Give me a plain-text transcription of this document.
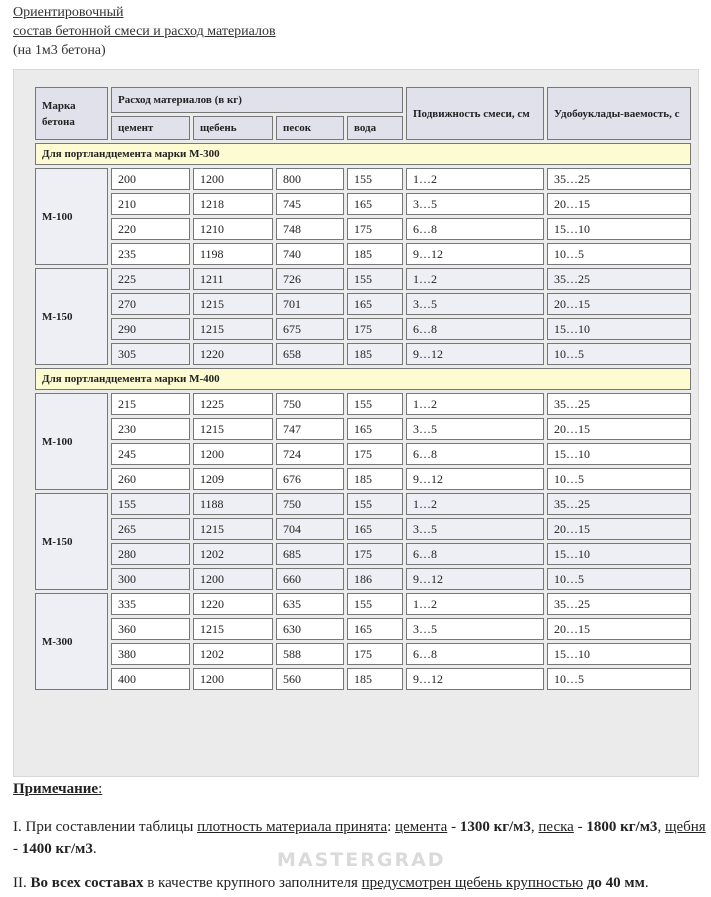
Ориентировочный
состав бетонной смеси и расход материалов
(на 1м3 бетона)
Марка бетона	Расход материалов (в кг)				Подвижность смеси, см	Удобоуклады-ваемость, с
	цемент	щебень	песок	вода		
Для портландцемента марки М-300						
М-100	200	1200	800	155	1…2	35…25
	210	1218	745	165	3…5	20…15
	220	1210	748	175	6…8	15…10
	235	1198	740	185	9…12	10…5
М-150	225	1211	726	155	1…2	35…25
	270	1215	701	165	3…5	20…15
	290	1215	675	175	6…8	15…10
	305	1220	658	185	9…12	10…5
Для портландцемента марки М-400						
М-100	215	1225	750	155	1…2	35…25
	230	1215	747	165	3…5	20…15
	245	1200	724	175	6…8	15…10
	260	1209	676	185	9…12	10…5
М-150	155	1188	750	155	1…2	35…25
	265	1215	704	165	3…5	20…15
	280	1202	685	175	6…8	15…10
	300	1200	660	186	9…12	10…5
М-300	335	1220	635	155	1…2	35…25
	360	1215	630	165	3…5	20…15
	380	1202	588	175	6…8	15…10
	400	1200	560	185	9…12	10…5
Примечание:
I. При составлении таблицы плотность материала принята: цемента - 1300 кг/м3, песка - 1800 кг/м3, щебня - 1400 кг/м3.	MASTERGRAD
II. Во всех составах в качестве крупного заполнителя предусмотрен щебень крупностью до 40 мм.
